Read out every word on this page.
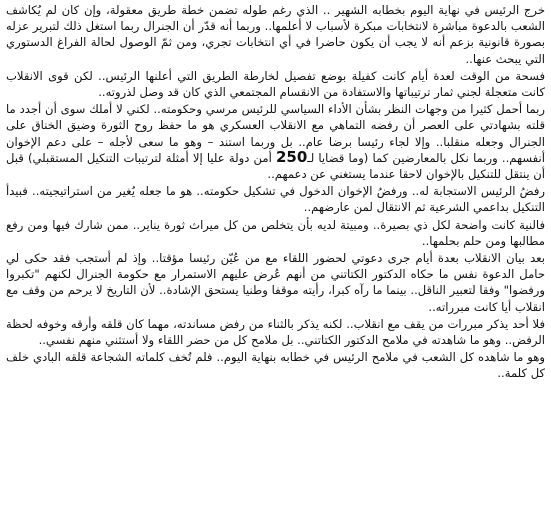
خرج الرئيس في نهاية اليوم بخطابه الشهير .. الذي رغم طوله تضمن خطة طريق معقولة، وإن كان لم يُكاشف الشعب بالدعوة مباشرة لانتخابات مبكرة لأسباب لا أعلمها.. وربما أنه قدّر أن الجنرال ربما استغل ذلك لتبرير عزله بصورة قانونية بزعم أنه لا يجب أن يكون حاضرا في أي انتخابات تجري، ومن ثمّ الوصول لحالة الفراغ الدستوري التي يبحث عنها..

فسحة من الوقت لعدة أيام كانت كفيلة بوضع تفصيل لخارطة الطريق التي أعلنها الرئيس.. لكن قوى الانقلاب كانت متعجلة لجني ثمار ترتيباتها والاستفادة من الانقسام المجتمعي الذي كان قد وصل لذروته..

ربما أحمل كثيرا من وجهات النظر بشأن الأداء السياسي للرئيس مرسي وحكومته.. لكني لا أملك سوى أن أجدد ما قلته بشهادتي على العصر أن رفضه التماهي مع الانقلاب العسكري هو ما حفظ روح الثورة وضيق الخناق على الجنرال وجعله منقلبا.. وإلا لجاء رئيسا برضا عام.. بل وربما استند – وهو ما سعى لأجله – على دعم الإخوان أنفسهم.. وربما نكل بالمعارضين كما (وما قضايا لـ250 أمن دولة عليا إلا أمثلة لترتيبات التنكيل المستقبلي) قبل أن ينتقل للتنكيل بالإخوان لاحقا عندما يستغني عن دعمهم..

رفضُ الرئيس الاستجابة له.. ورفضُ الإخوان الدخول في تشكيل حكومته.. هو ما جعله يُغير من استراتيجيته.. فبيدأ التنكيل بداعمي الشرعية ثم الانتقال لمن عارضهم..

فالنية كانت واضحة لكل ذي بصيرة.. ومبيتة لديه بأن يتخلص من كل ميراث ثورة يناير.. ممن شارك فيها ومن رفع مطالبها ومن حلم بحلمها..

بعد بيان الانقلاب بعدة أيام جرى دعوتي لحضور اللقاء مع من عُيّن رئيسا مؤقتا.. وإذ لم أستجب فقد حكى لي حامل الدعوة نفس ما حكاه الدكتور الكتاتني من أنهم عُرض عليهم الاستمرار مع حكومة الجنرال لكنهم "تكبروا ورفضوا" وفقا لتعبير الناقل.. بينما ما رآه كبرا، رأيته موقفا وطنيا يستحق الإشادة.. لأن التاريخ لا يرحم من وقف مع انقلاب أيا كانت مبرراته..

فلا أحد يذكر مبررات من يقف مع انقلاب.. لكنه يذكر بالثناء من رفض مساندته، مهما كان قلقه وأرقه وخوفه لحظة الرفض.. وهو ما شاهدته في ملامح الدكتور الكتاتني.. بل ملامح كل من حضر اللقاء ولا أستثني منهم نفسي..

وهو ما شاهده كل الشعب في ملامح الرئيس في خطابه بنهاية اليوم.. فلم تُخف كلماته الشجاعة قلقه البادي خلف كل كلمة..
